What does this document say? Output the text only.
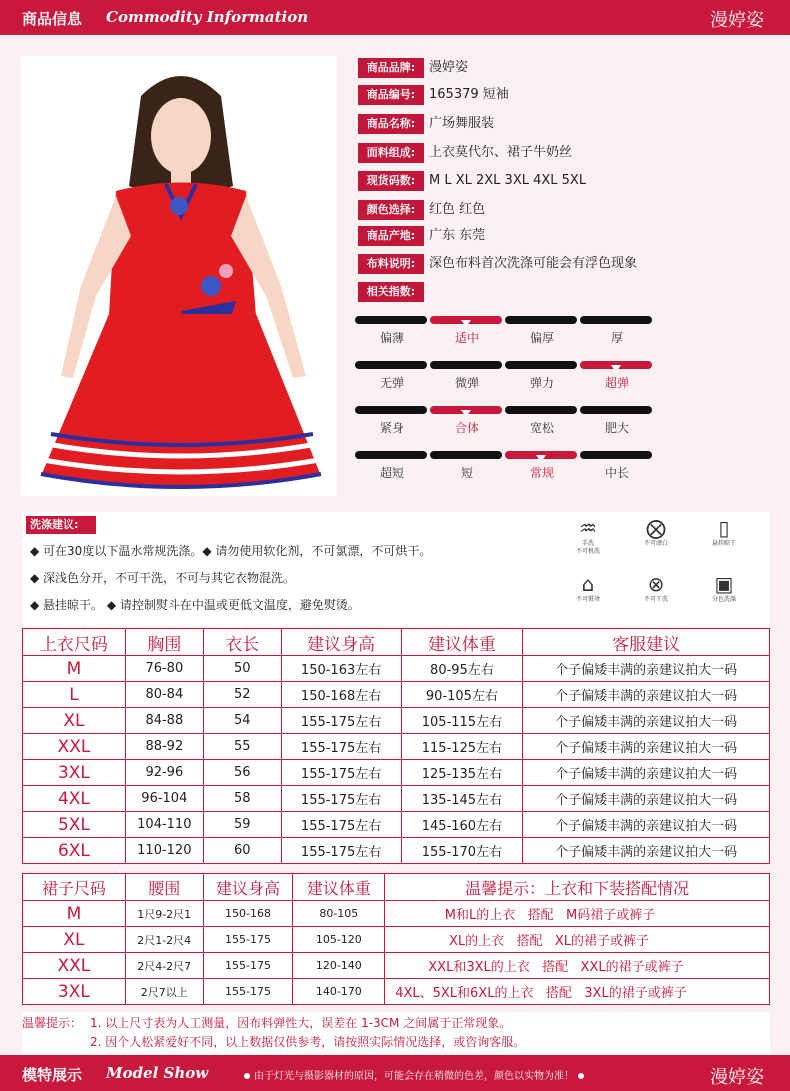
商品信息 Commodity Information	漫婷姿
商品品牌:	漫婷姿
商品编号:	165379 短袖
商品名称:	广场舞服装
面料组成:	上衣莫代尔、裙子牛奶丝
现货码数:	M L XL 2XL 3XL 4XL 5XL
颜色选择:	红色 红色
商品产地:	广东 东莞
布料说明:	深色布料首次洗涤可能会有浮色现象
相关指数:
偏薄	适中	偏厚	厚
无弹	微弹	弹力	超弹
紧身	合体	宽松	肥大
超短	短	常规	中长
洗涤建议:
◆ 可在30度以下温水常规洗涤。◆ 请勿使用软化剂，不可氯漂，不可烘干。
◆ 深浅色分开，不可干洗，不可与其它衣物混洗。
◆ 悬挂晾干。 ◆ 请控制熨斗在中温或更低文温度，避免熨烫。
♒
手洗
不可机洗
⨂
不可漂白
▯
悬挂晾干
⌂
不可熨烫
⊗
不可干洗
▣
分色洗涤
上衣尺码	胸围	衣长	建议身高	建议体重	客服建议
M	76-80	50	150-163左右	80-95左右	个子偏矮丰满的亲建议拍大一码
L	80-84	52	150-168左右	90-105左右	个子偏矮丰满的亲建议拍大一码
XL	84-88	54	155-175左右	105-115左右	个子偏矮丰满的亲建议拍大一码
XXL	88-92	55	155-175左右	115-125左右	个子偏矮丰满的亲建议拍大一码
3XL	92-96	56	155-175左右	125-135左右	个子偏矮丰满的亲建议拍大一码
4XL	96-104	58	155-175左右	135-145左右	个子偏矮丰满的亲建议拍大一码
5XL	104-110	59	155-175左右	145-160左右	个子偏矮丰满的亲建议拍大一码
6XL	110-120	60	155-175左右	155-170左右	个子偏矮丰满的亲建议拍大一码
裙子尺码	腰围	建议身高	建议体重	温馨提示：上衣和下装搭配情况
M	1尺9-2尺1	150-168	80-105	M和L的上衣   搭配   M码裙子或裤子
XL	2尺1-2尺4	155-175	105-120	XL的上衣   搭配   XL的裙子或裤子
XXL	2尺4-2尺7	155-175	120-140	XXL和3XL的上衣   搭配   XXL的裙子或裤子
3XL	2尺7以上	155-175	140-170	4XL、5XL和6XL的上衣   搭配   3XL的裙子或裤子
温馨提示： 1. 以上尺寸表为人工测量，因布料弹性大，误差在 1-3CM 之间属于正常现象。
2. 因个人松紧爱好不同，以上数据仅供参考，请按照实际情况选择，或咨询客服。
模特展示 Model Show	由于灯光与摄影器材的原因，可能会存在稍微的色差，颜色以实物为准！	漫婷姿
